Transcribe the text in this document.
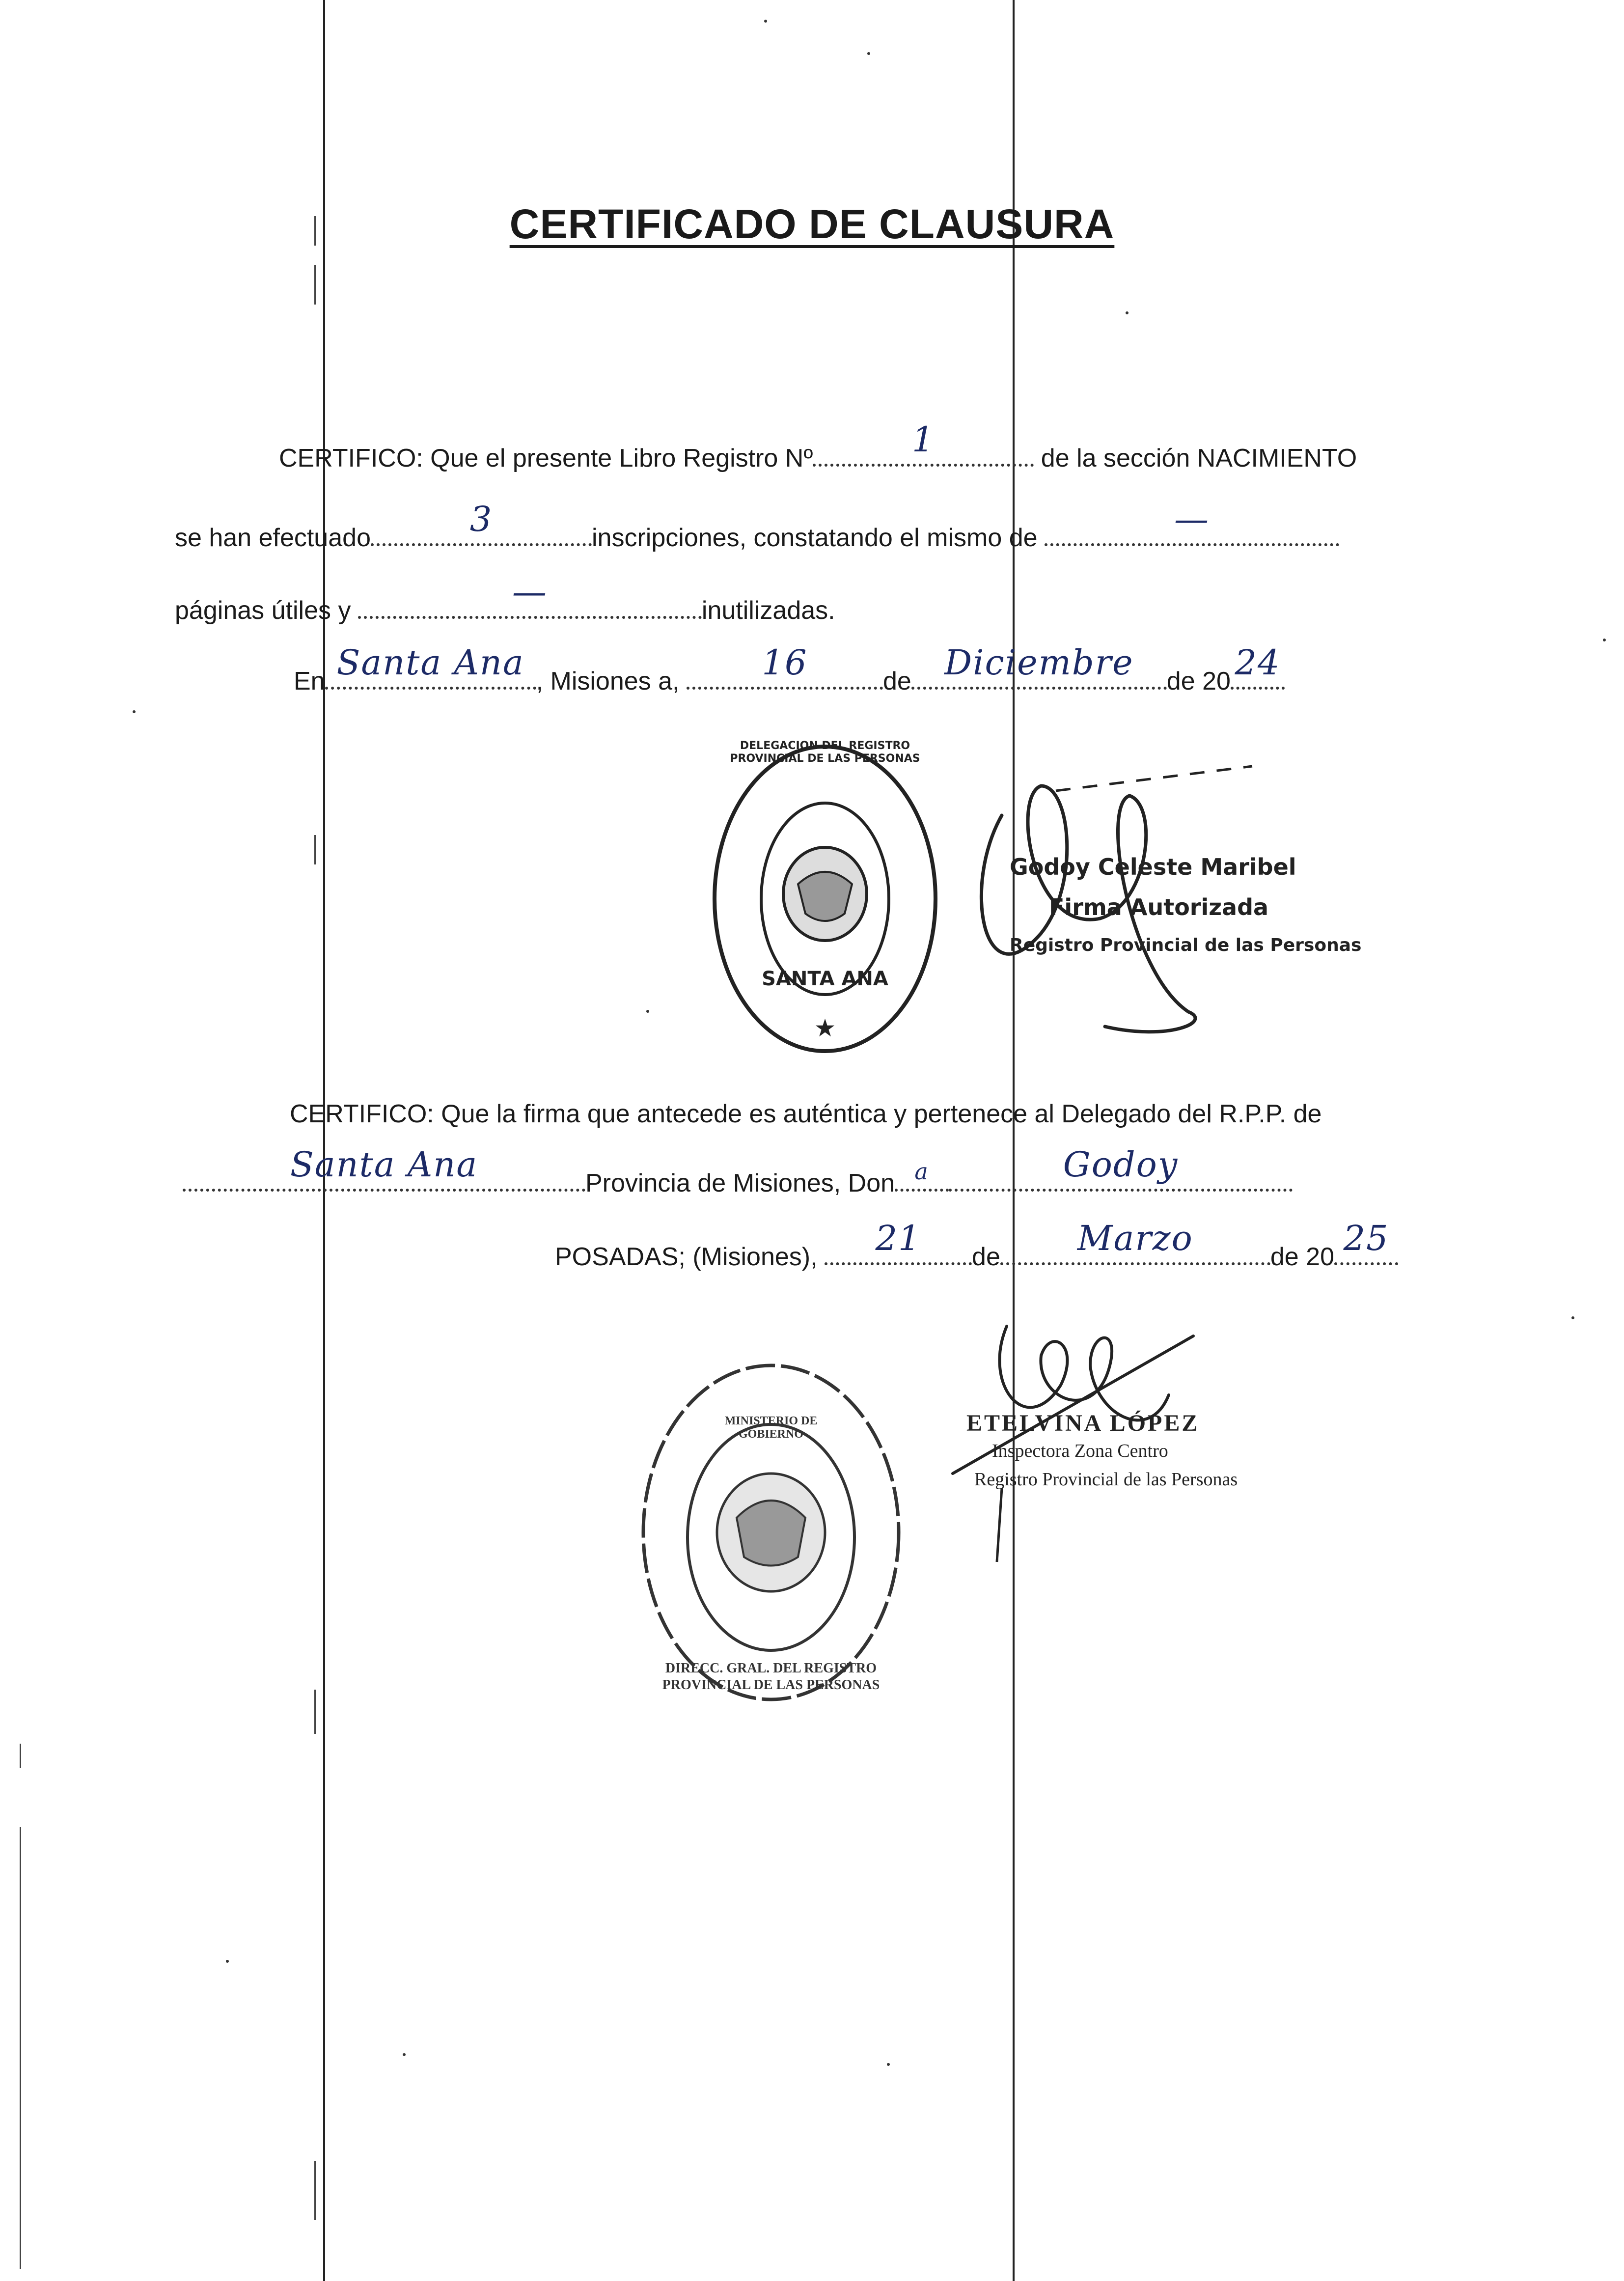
CERTIFICADO DE CLAUSURA
CERTIFICO: Que el presente Libro Registro Nº	1	de la sección NACIMIENTO
se han efectuado	3	inscripciones, constatando el mismo de	—
páginas útiles y	—	inutilizadas.
En Santa Ana , Misiones a,	16	de Diciembre	de 20 24
★
DELEGACION DEL REGISTRO PROVINCIAL DE LAS PERSONAS
SANTA ANA
Godoy Celeste Maribel
Firma Autorizada
Registro Provincial de las Personas
CERTIFICO: Que la firma que antecede es auténtica y pertenece al Delegado del R.P.P. de
Santa Ana	Provincia de Misiones, Don a	Godoy
POSADAS; (Misiones),	21	de	Marzo	de 20 25
DIRECC. GRAL. DEL REGISTRO PROVINCIAL DE LAS PERSONAS
MINISTERIO DE GOBIERNO	ETELVINA LÓPEZ
Inspectora Zona Centro
Registro Provincial de las Personas
